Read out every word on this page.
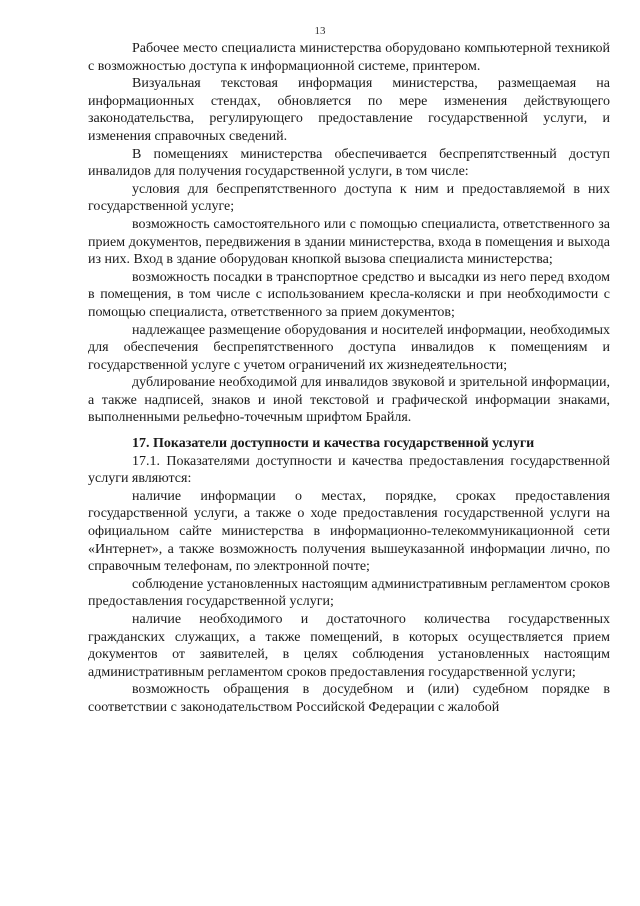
13

Рабочее место специалиста министерства оборудовано компьютерной техникой с возможностью доступа к информационной системе, принтером.

Визуальная текстовая информация министерства, размещаемая на информационных стендах, обновляется по мере изменения действующего законодательства, регулирующего предоставление государственной услуги, и изменения справочных сведений.

В помещениях министерства обеспечивается беспрепятственный доступ инвалидов для получения государственной услуги, в том числе:

условия для беспрепятственного доступа к ним и предоставляемой в них государственной услуге;

возможность самостоятельного или с помощью специалиста, ответственного за прием документов, передвижения в здании министерства, входа в помещения и выхода из них. Вход в здание оборудован кнопкой вызова специалиста министерства;

возможность посадки в транспортное средство и высадки из него перед входом в помещения, в том числе с использованием кресла-коляски и при необходимости с помощью специалиста, ответственного за прием документов;

надлежащее размещение оборудования и носителей информации, необходимых для обеспечения беспрепятственного доступа инвалидов к помещениям и государственной услуге с учетом ограничений их жизнедеятельности;

дублирование необходимой для инвалидов звуковой и зрительной информации, а также надписей, знаков и иной текстовой и графической информации знаками, выполненными рельефно-точечным шрифтом Брайля.

17. Показатели доступности и качества государственной услуги

17.1. Показателями доступности и качества предоставления государственной услуги являются:

наличие информации о местах, порядке, сроках предоставления государственной услуги, а также о ходе предоставления государственной услуги на официальном сайте министерства в информационно-телекоммуникационной сети «Интернет», а также возможность получения вышеуказанной информации лично, по справочным телефонам, по электронной почте;

соблюдение установленных настоящим административным регламентом сроков предоставления государственной услуги;

наличие необходимого и достаточного количества государственных гражданских служащих, а также помещений, в которых осуществляется прием документов от заявителей, в целях соблюдения установленных настоящим административным регламентом сроков предоставления государственной услуги;

возможность обращения в досудебном и (или) судебном порядке в соответствии с законодательством Российской Федерации с жалобой
